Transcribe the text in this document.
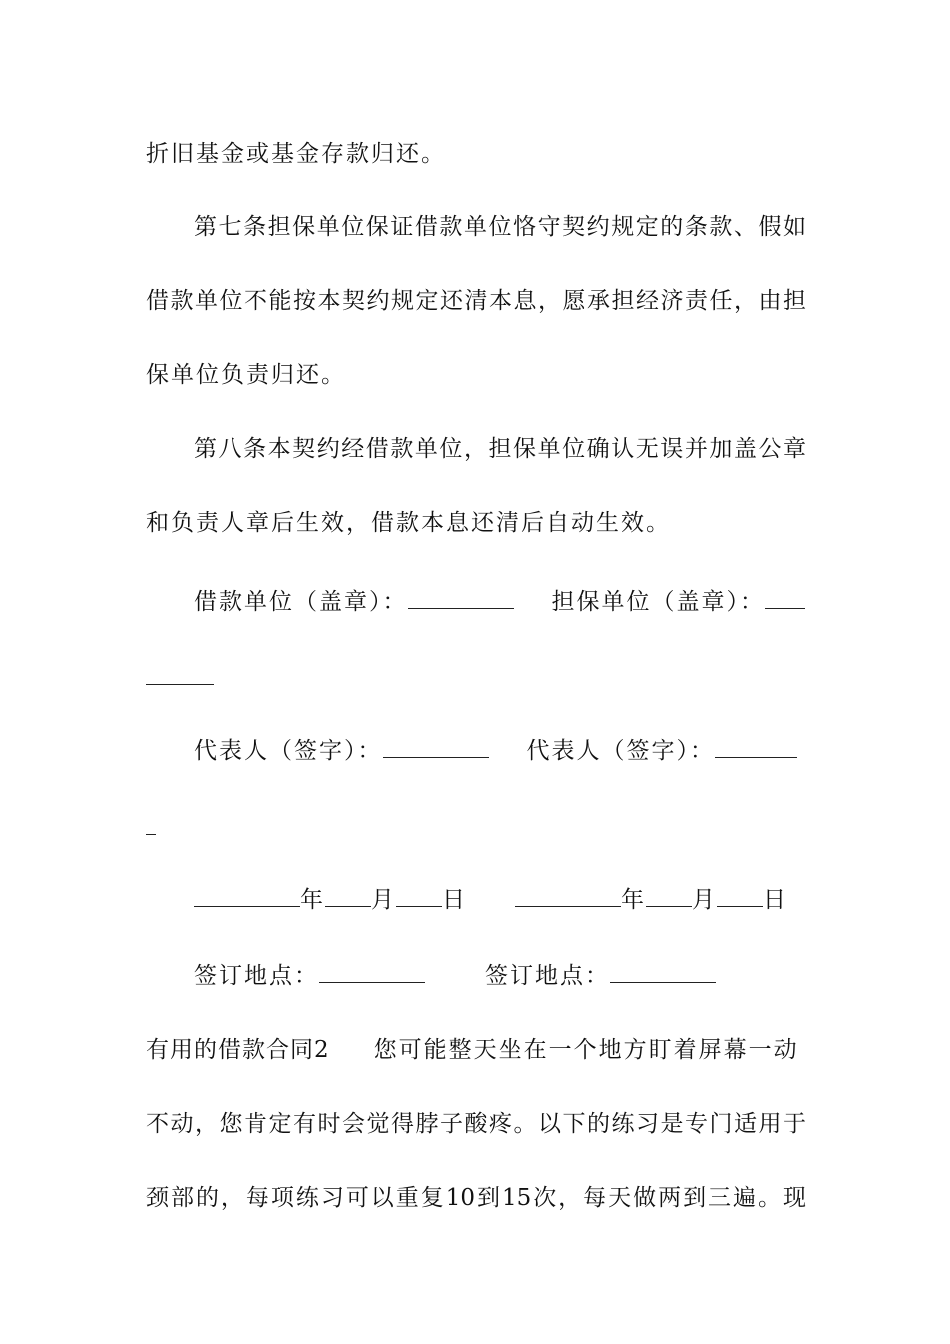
折旧基金或基金存款归还。
第七条担保单位保证借款单位恪守契约规定的条款、假如
借款单位不能按本契约规定还清本息，愿承担经济责任，由担
保单位负责归还。
第八条本契约经借款单位，担保单位确认无误并加盖公章
和负责人章后生效，借款本息还清后自动生效。
借款单位（盖章）：	担保单位（盖章）：
代表人（签字）：	代表人（签字）：
年 月 日	年 月 日
签订地点：	签订地点：
有用的借款合同2 您可能整天坐在一个地方盯着屏幕一动
不动，您肯定有时会觉得脖子酸疼。以下的练习是专门适用于
颈部的，每项练习可以重复10到15次，每天做两到三遍。现
